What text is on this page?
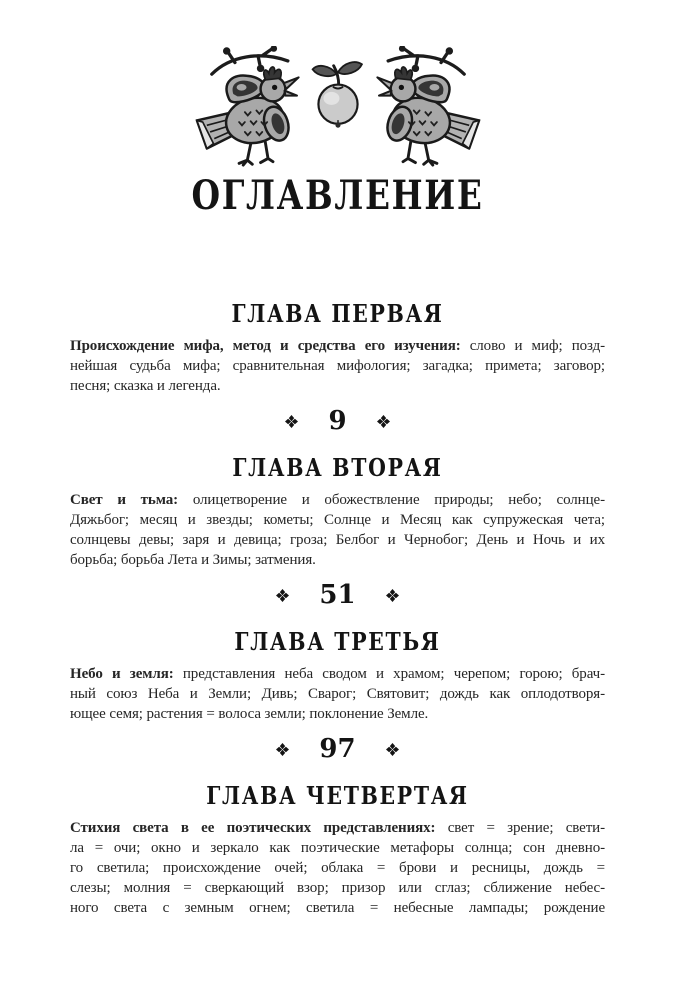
ОГЛАВЛЕНИЕ
ГЛАВА ПЕРВАЯ
Происхождение мифа, метод и средства его изучения: слово и миф; позд-
нейшая судьба мифа; сравнительная мифология; загадка; примета; заговор;
песня; сказка и легенда.
9
ГЛАВА ВТОРАЯ
Свет и тьма: олицетворение и обожествление природы; небо; солнце-
Дяжьбог; месяц и звезды; кометы; Солнце и Месяц как супружеская чета;
солнцевы девы; заря и девица; гроза; Белбог и Чернобог; День и Ночь и их
борьба; борьба Лета и Зимы; затмения.
51
ГЛАВА ТРЕТЬЯ
Небо и земля: представления неба сводом и храмом; черепом; горою; брач-
ный союз Неба и Земли; Дивь; Сварог; Святовит; дождь как оплодотворя-
ющее семя; растения = волоса земли; поклонение Земле.
97
ГЛАВА ЧЕТВЕРТАЯ
Стихия света в ее поэтических представлениях: свет = зрение; свети-
ла = очи; окно и зеркало как поэтические метафоры солнца; сон дневно-
го светила; происхождение очей; облака = брови и ресницы, дождь =
слезы; молния = сверкающий взор; призор или сглаз; сближение небес-
ного света с земным огнем; светила = небесные лампады; рождение
